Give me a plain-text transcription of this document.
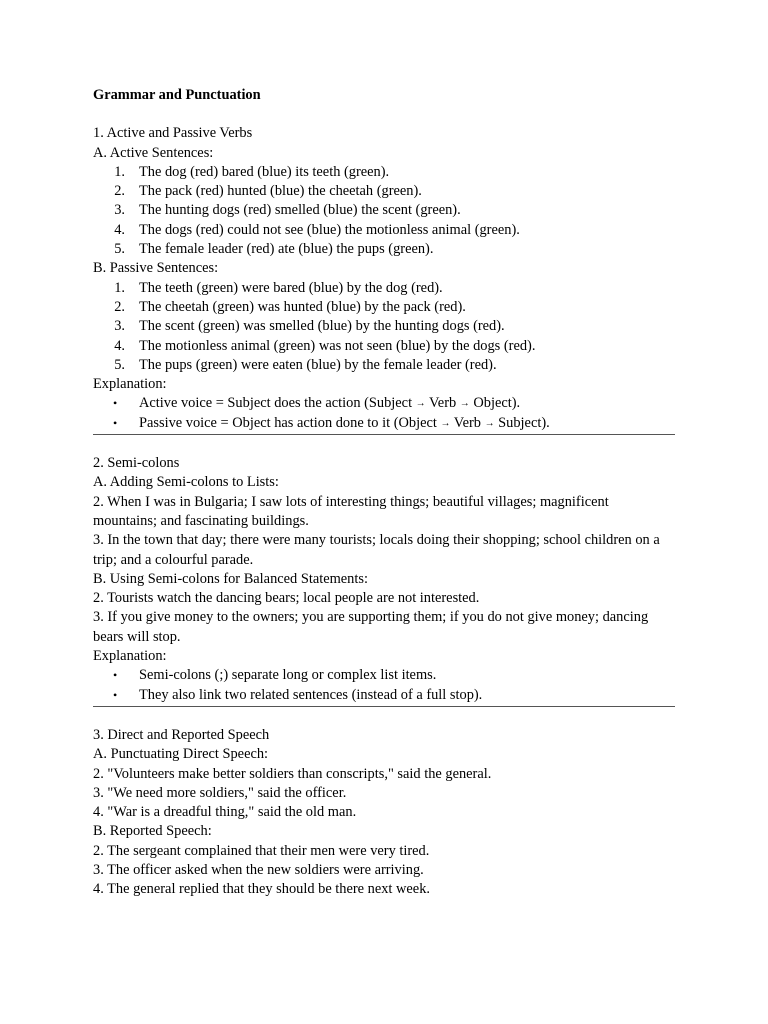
Grammar and Punctuation
1. Active and Passive Verbs
A. Active Sentences:
1. The dog (red) bared (blue) its teeth (green).
2. The pack (red) hunted (blue) the cheetah (green).
3. The hunting dogs (red) smelled (blue) the scent (green).
4. The dogs (red) could not see (blue) the motionless animal (green).
5. The female leader (red) ate (blue) the pups (green).
B. Passive Sentences:
1. The teeth (green) were bared (blue) by the dog (red).
2. The cheetah (green) was hunted (blue) by the pack (red).
3. The scent (green) was smelled (blue) by the hunting dogs (red).
4. The motionless animal (green) was not seen (blue) by the dogs (red).
5. The pups (green) were eaten (blue) by the female leader (red).
Explanation:
• Active voice = Subject does the action (Subject → Verb → Object).
• Passive voice = Object has action done to it (Object → Verb → Subject).
2. Semi-colons
A. Adding Semi-colons to Lists:
2. When I was in Bulgaria; I saw lots of interesting things; beautiful villages; magnificent mountains; and fascinating buildings.
3. In the town that day; there were many tourists; locals doing their shopping; school children on a trip; and a colourful parade.
B. Using Semi-colons for Balanced Statements:
2. Tourists watch the dancing bears; local people are not interested.
3. If you give money to the owners; you are supporting them; if you do not give money; dancing bears will stop.
Explanation:
• Semi-colons (;) separate long or complex list items.
• They also link two related sentences (instead of a full stop).
3. Direct and Reported Speech
A. Punctuating Direct Speech:
2. "Volunteers make better soldiers than conscripts," said the general.
3. "We need more soldiers," said the officer.
4. "War is a dreadful thing," said the old man.
B. Reported Speech:
2. The sergeant complained that their men were very tired.
3. The officer asked when the new soldiers were arriving.
4. The general replied that they should be there next week.
